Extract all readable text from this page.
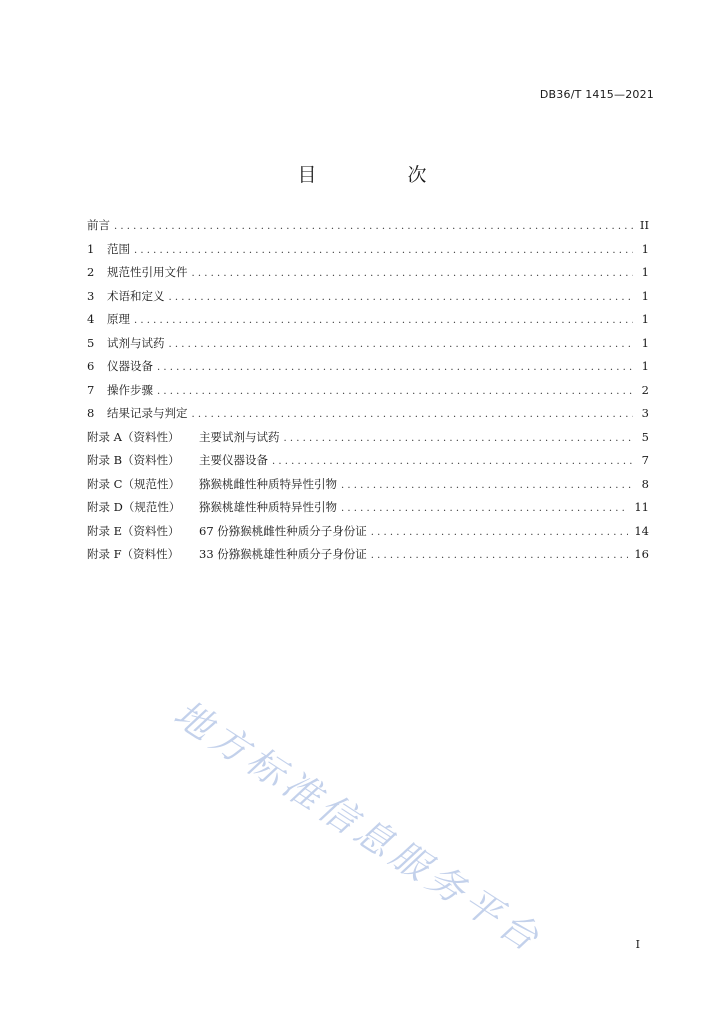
DB36/T 1415—2021
目　次
前言 .....	II
1	范围 .....	1
2	规范性引用文件 .....	1
3	术语和定义 .....	1
4	原理 .....	1
5	试剂与试药 .....	1
6	仪器设备 .....	1
7	操作步骤 .....	2
8	结果记录与判定 .....	3
附录 A（资料性）	主要试剂与试药 .....	5
附录 B（资料性）	主要仪器设备 .....	7
附录 C（规范性）	猕猴桃雌性种质特异性引物 .....	8
附录 D（规范性）	猕猴桃雄性种质特异性引物 .....	11
附录 E（资料性）	67 份猕猴桃雌性种质分子身份证 .....	14
附录 F（资料性）	33 份猕猴桃雄性种质分子身份证 .....	16
地方标准信息服务平台	I
